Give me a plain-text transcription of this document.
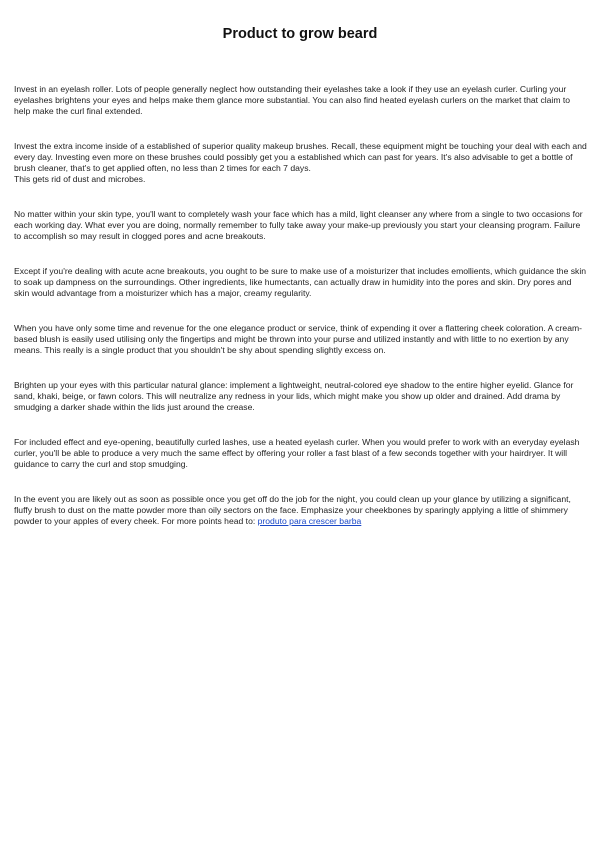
Product to grow beard

Invest in an eyelash roller. Lots of people generally neglect how outstanding their eyelashes take a look if they use an eyelash curler. Curling your eyelashes brightens your eyes and helps make them glance more substantial. You can also find heated eyelash curlers on the market that claim to help make the curl final extended.

Invest the extra income inside of a established of superior quality makeup brushes. Recall, these equipment might be touching your deal with each and every day. Investing even more on these brushes could possibly get you a established which can past for years. It's also advisable to get a bottle of brush cleaner, that's to get applied often, no less than 2 times for each 7 days.
This gets rid of dust and microbes.

No matter within your skin type, you'll want to completely wash your face which has a mild, light cleanser any where from a single to two occasions for each working day. What ever you are doing, normally remember to fully take away your make-up previously you start your cleansing program. Failure to accomplish so may result in clogged pores and acne breakouts.

Except if you're dealing with acute acne breakouts, you ought to be sure to make use of a moisturizer that includes emollients, which guidance the skin to soak up dampness on the surroundings. Other ingredients, like humectants, can actually draw in humidity into the pores and skin. Dry pores and skin would advantage from a moisturizer which has a major, creamy regularity.

When you have only some time and revenue for the one elegance product or service, think of expending it over a flattering cheek coloration. A cream-based blush is easily used utilising only the fingertips and might be thrown into your purse and utilized instantly and with little to no exertion by any means. This really is a single product that you shouldn't be shy about spending slightly excess on.

Brighten up your eyes with this particular natural glance: implement a lightweight, neutral-colored eye shadow to the entire higher eyelid. Glance for sand, khaki, beige, or fawn colors. This will neutralize any redness in your lids, which might make you show up older and drained. Add drama by smudging a darker shade within the lids just around the crease.

For included effect and eye-opening, beautifully curled lashes, use a heated eyelash curler. When you would prefer to work with an everyday eyelash curler, you'll be able to produce a very much the same effect by offering your roller a fast blast of a few seconds together with your hairdryer. It will guidance to carry the curl and stop smudging.

In the event you are likely out as soon as possible once you get off do the job for the night, you could clean up your glance by utilizing a significant, fluffy brush to dust on the matte powder more than oily sectors on the face. Emphasize your cheekbones by sparingly applying a little of shimmery powder to your apples of every cheek. For more points head to: produto para crescer barba
